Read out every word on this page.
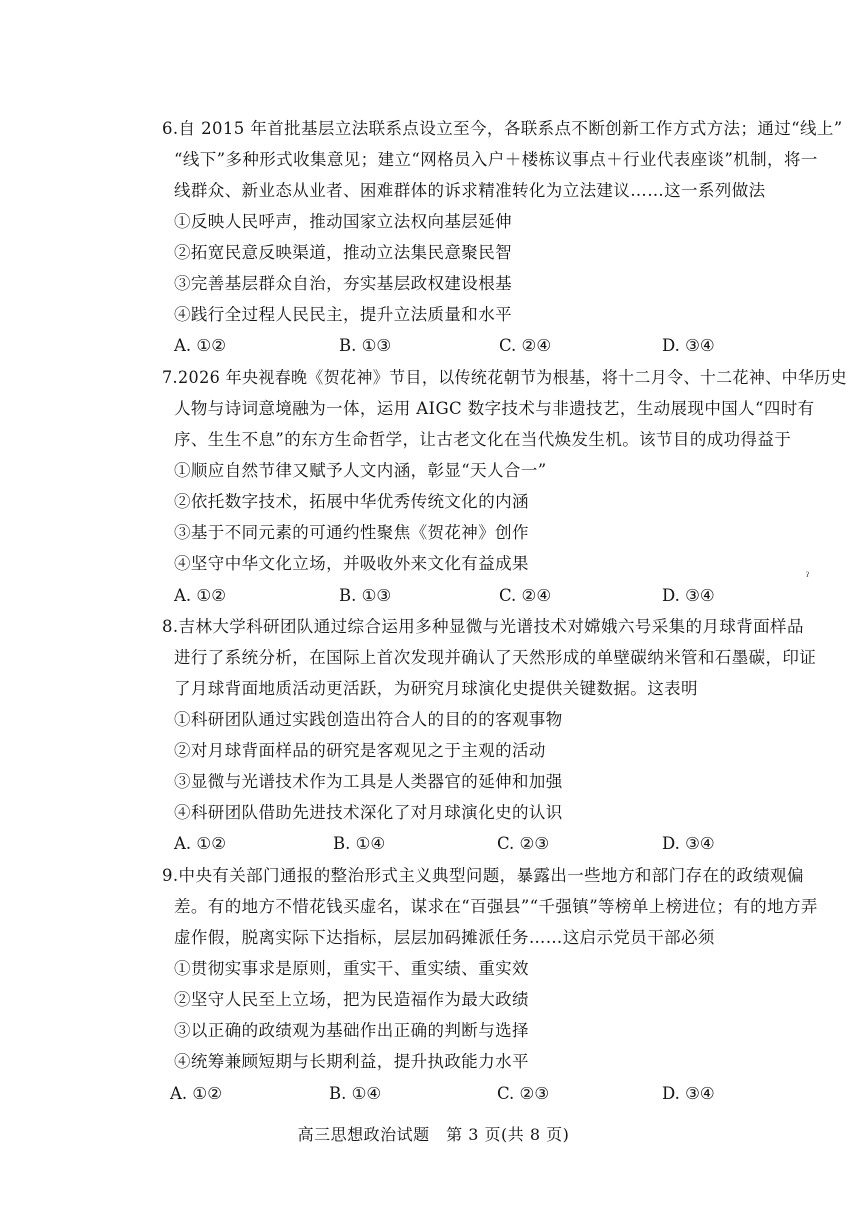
6.自 2015 年首批基层立法联系点设立至今，各联系点不断创新工作方式方法；通过“线上”
“线下”多种形式收集意见；建立“网格员入户＋楼栋议事点＋行业代表座谈”机制，将一
线群众、新业态从业者、困难群体的诉求精准转化为立法建议……这一系列做法
①反映人民呼声，推动国家立法权向基层延伸
②拓宽民意反映渠道，推动立法集民意聚民智
③完善基层群众自治，夯实基层政权建设根基
④践行全过程人民民主，提升立法质量和水平
A. ①②	B. ①③	C. ②④	D. ③④
7.2026 年央视春晚《贺花神》节目，以传统花朝节为根基，将十二月令、十二花神、中华历史
人物与诗词意境融为一体，运用 AIGC 数字技术与非遗技艺，生动展现中国人“四时有
序、生生不息”的东方生命哲学，让古老文化在当代焕发生机。该节目的成功得益于
①顺应自然节律又赋予人文内涵，彰显“天人合一”
②依托数字技术，拓展中华优秀传统文化的内涵
③基于不同元素的可通约性聚焦《贺花神》创作
④坚守中华文化立场，并吸收外来文化有益成果
A. ①②	B. ①③	C. ②④	D. ③④
ˀ
8.吉林大学科研团队通过综合运用多种显微与光谱技术对嫦娥六号采集的月球背面样品
进行了系统分析，在国际上首次发现并确认了天然形成的单壁碳纳米管和石墨碳，印证
了月球背面地质活动更活跃，为研究月球演化史提供关键数据。这表明
①科研团队通过实践创造出符合人的目的的客观事物
②对月球背面样品的研究是客观见之于主观的活动
③显微与光谱技术作为工具是人类器官的延伸和加强
④科研团队借助先进技术深化了对月球演化史的认识
A. ①②	B. ①④	C. ②③	D. ③④
9.中央有关部门通报的整治形式主义典型问题，暴露出一些地方和部门存在的政绩观偏
差。有的地方不惜花钱买虚名，谋求在“百强县”“千强镇”等榜单上榜进位；有的地方弄
虚作假，脱离实际下达指标，层层加码摊派任务……这启示党员干部必须
①贯彻实事求是原则，重实干、重实绩、重实效
②坚守人民至上立场，把为民造福作为最大政绩
③以正确的政绩观为基础作出正确的判断与选择
④统筹兼顾短期与长期利益，提升执政能力水平
A. ①②	B. ①④	C. ②③	D. ③④
高三思想政治试题　第 3 页(共 8 页)
